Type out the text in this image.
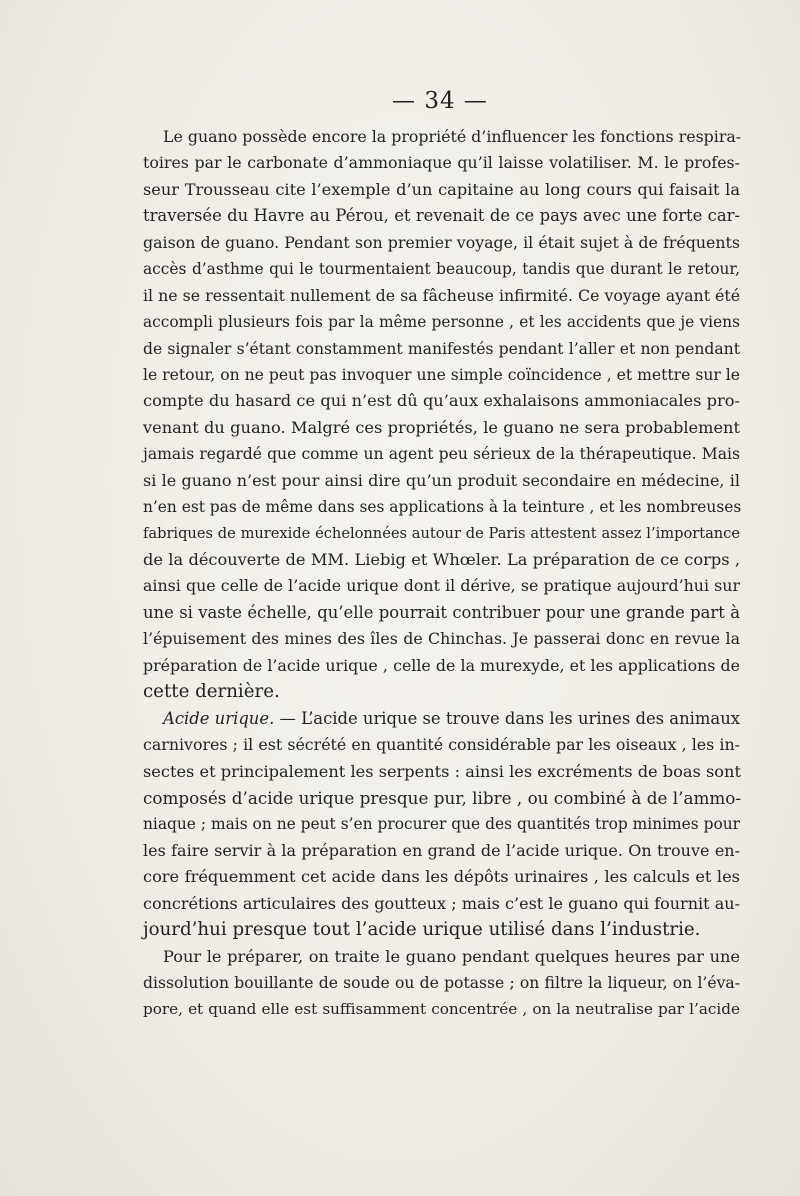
— 34 —
Le guano possède encore la propriété d’influencer les fonctions respira-
toires par le carbonate d’ammoniaque qu’il laisse volatiliser. M. le profes-
seur Trousseau cite l’exemple d’un capitaine au long cours qui faisait la
traversée du Havre au Pérou, et revenait de ce pays avec une forte car-
gaison de guano. Pendant son premier voyage, il était sujet à de fréquents
accès d’asthme qui le tourmentaient beaucoup, tandis que durant le retour,
il ne se ressentait nullement de sa fâcheuse infirmité. Ce voyage ayant été
accompli plusieurs fois par la même personne , et les accidents que je viens
de signaler s’étant constamment manifestés pendant l’aller et non pendant
le retour, on ne peut pas invoquer une simple coïncidence , et mettre sur le
compte du hasard ce qui n’est dû qu’aux exhalaisons ammoniacales pro-
venant du guano. Malgré ces propriétés, le guano ne sera probablement
jamais regardé que comme un agent peu sérieux de la thérapeutique. Mais
si le guano n’est pour ainsi dire qu’un produit secondaire en médecine, il
n’en est pas de même dans ses applications à la teinture , et les nombreuses
fabriques de murexide échelonnées autour de Paris attestent assez l’importance
de la découverte de MM. Liebig et Whœler. La préparation de ce corps ,
ainsi que celle de l’acide urique dont il dérive, se pratique aujourd’hui sur
une si vaste échelle, qu’elle pourrait contribuer pour une grande part à
l’épuisement des mines des îles de Chinchas. Je passerai donc en revue la
préparation de l’acide urique , celle de la murexyde, et les applications de
cette dernière.
Acide urique. — L’acide urique se trouve dans les urines des animaux
carnivores ; il est sécrété en quantité considérable par les oiseaux , les in-
sectes et principalement les serpents : ainsi les excréments de boas sont
composés d’acide urique presque pur, libre , ou combiné à de l’ammo-
niaque ; mais on ne peut s’en procurer que des quantités trop minimes pour
les faire servir à la préparation en grand de l’acide urique. On trouve en-
core fréquemment cet acide dans les dépôts urinaires , les calculs et les
concrétions articulaires des goutteux ; mais c’est le guano qui fournit au-
jourd’hui presque tout l’acide urique utilisé dans l’industrie.
Pour le préparer, on traite le guano pendant quelques heures par une
dissolution bouillante de soude ou de potasse ; on filtre la liqueur, on l’éva-
pore, et quand elle est suffisamment concentrée , on la neutralise par l’acide
